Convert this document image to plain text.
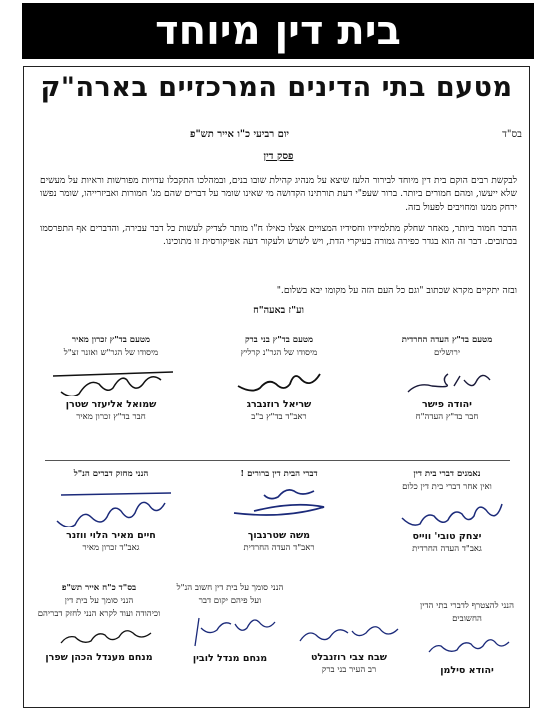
בית דין מיוחד
מטעם בתי הדינים המרכזיים בארה"ק
בס"ד
יום רביעי כ"ו אייר תש"פ
פסק דין
לבקשת רבים הוקם בית דין מיוחד לבירור הלעז שיצא על מנהיג קהילת שובו בנים, ובמהלכו התקבלו עדויות מפורשות וראיות על מעשים שלא ייעשו, ומהם חמורים ביותר. ברור שעפ"י דעת תורתינו הקדושה מי שאינו שומר על דברים שהם מג' חמורות ואביזרייהו, שומר נפשו ירחק ממנו ומחויבים לפעול בזה.
הדבר חמור ביותר, מאחר שחלק מתלמידיו וחסידיו המצויים אצלו כאילו ח"ו מותר לצדיק לעשות כל דבר עבירה, והדברים אף התפרסמו בכתובים. דבר זה הוא בגדר כפירה גמורה בעיקרי הדת, ויש לשרש ולעקור דעה אפיקורסית זו מתוכינו.
ובזה יתקיים מקרא שכתוב "וגם כל העם הזה על מקומו יבא בשלום."
וע"ז באעה"ח
מטעם בד"ץ העדה החרדית
ירושלים
יהודה פישר
חבר בד"ץ העדה"ח
מטעם בד"ץ בני ברק
מיסודו של הגר"נ קרליץ
שריאל רוזנברג
ראב"ד בד"ץ ב"ב
מטעם בד"ץ זכרון מאיר
מיסודו של הגר"ש ואזנר זצ"ל
שמואל אליעזר שטרן
חבר בד"ץ זכרון מאיר
נאמנים דברי בית דין
ואין אחר דברי בית דין כלום
יצחק טובי' ווייס
גאב"ד העדה החרדית
דברי הבית דין ברורים !
משה שטרנבוך
ראב"ד העדה החרדית
הנני מחזק דברים הנ"ל
חיים מאיר הלוי ווזנר
גאב"ד זכרון מאיר
הנני להצטרף לדברי בתי הדין החשובים
יהודא סילמן
שבח צבי רוזנבלט
רב העיר בני ברק
הנני סומך על בית דין חשוב הנ"ל
ועל פיהם יקום דבר
מנחם מנדל לובין
בס"ד כ"ח אייר תש"פ
הנני סומך על בית דין
וכיהודה ועוד לקרא הנני לחזק דבריהם
מנחם מענדל הכהן שפרן
